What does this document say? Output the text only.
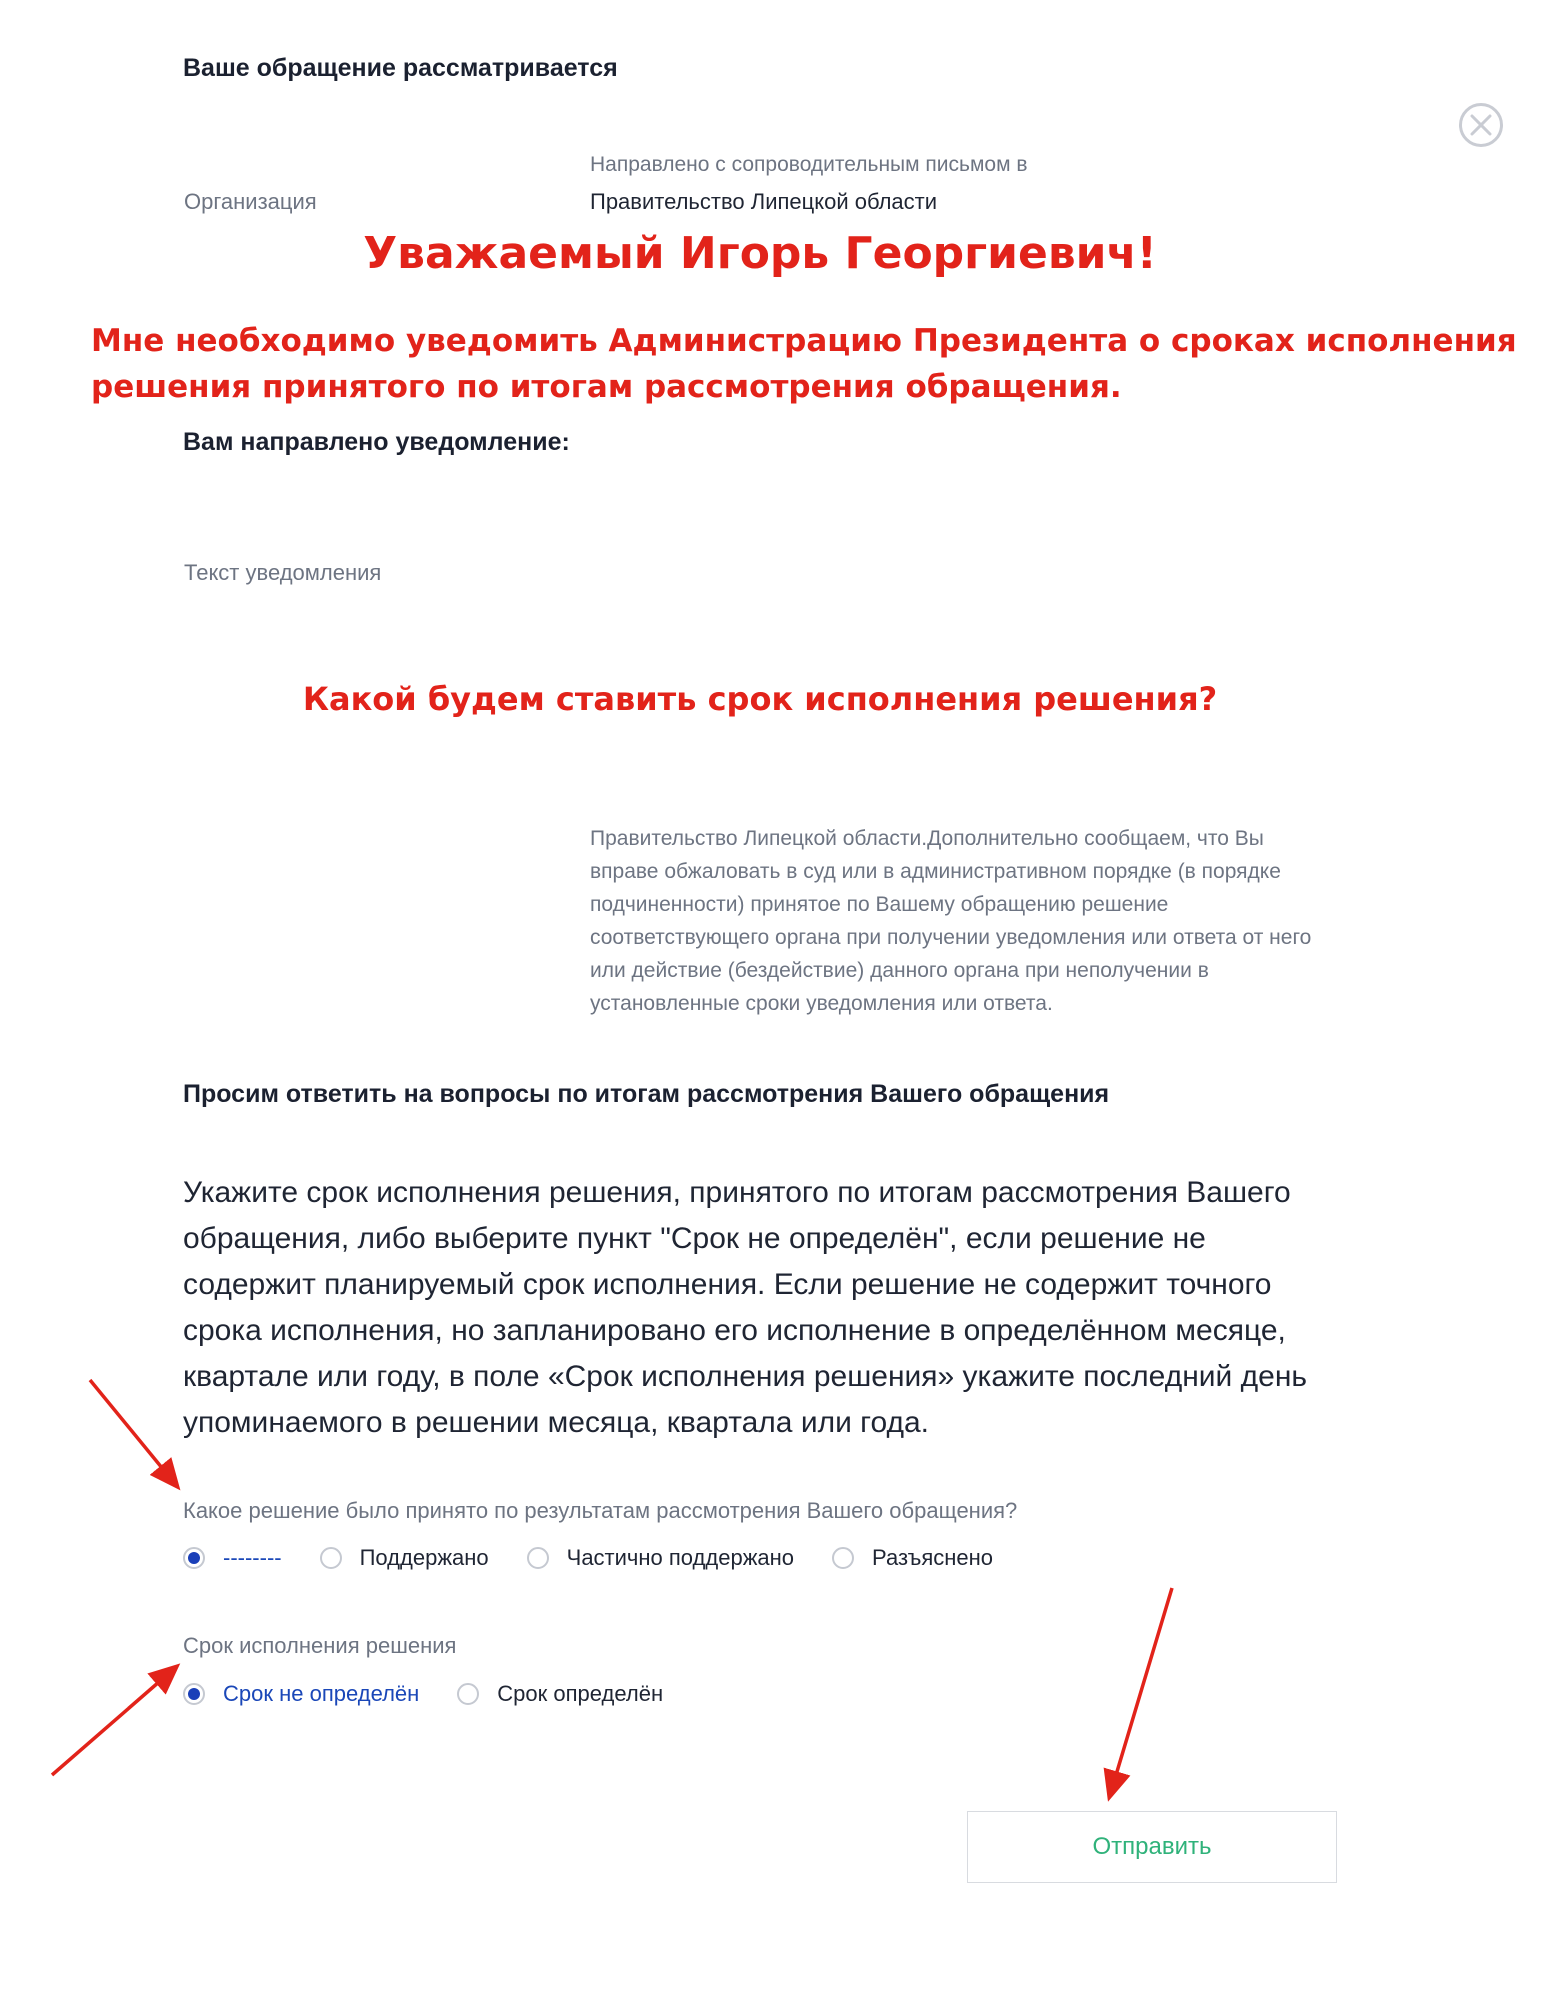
Ваше обращение рассматривается
Направлено с сопроводительным письмом в
Организация	Правительство Липецкой области
Уважаемый Игорь Георгиевич!
Мне необходимо уведомить Администрацию Президента о сроках исполнения решения принятого по итогам рассмотрения обращения.
Вам направлено уведомление:
Текст уведомления
Какой будем ставить срок исполнения решения?
Правительство Липецкой области.Дополнительно сообщаем, что Вы вправе обжаловать в суд или в административном порядке (в порядке подчиненности) принятое по Вашему обращению решение соответствующего органа при получении уведомления или ответа от него или действие (бездействие) данного органа при неполучении в установленные сроки уведомления или ответа.
Просим ответить на вопросы по итогам рассмотрения Вашего обращения
Укажите срок исполнения решения, принятого по итогам рассмотрения Вашего обращения, либо выберите пункт "Срок не определён", если решение не содержит планируемый срок исполнения. Если решение не содержит точного срока исполнения, но запланировано его исполнение в определённом месяце, квартале или году, в поле «Срок исполнения решения» укажите последний день упоминаемого в решении месяца, квартала или года.
Какое решение было принято по результатам рассмотрения Вашего обращения?
--------	Поддержано	Частично поддержано	Разъяснено
Срок исполнения решения
Срок не определён	Срок определён
Отправить
